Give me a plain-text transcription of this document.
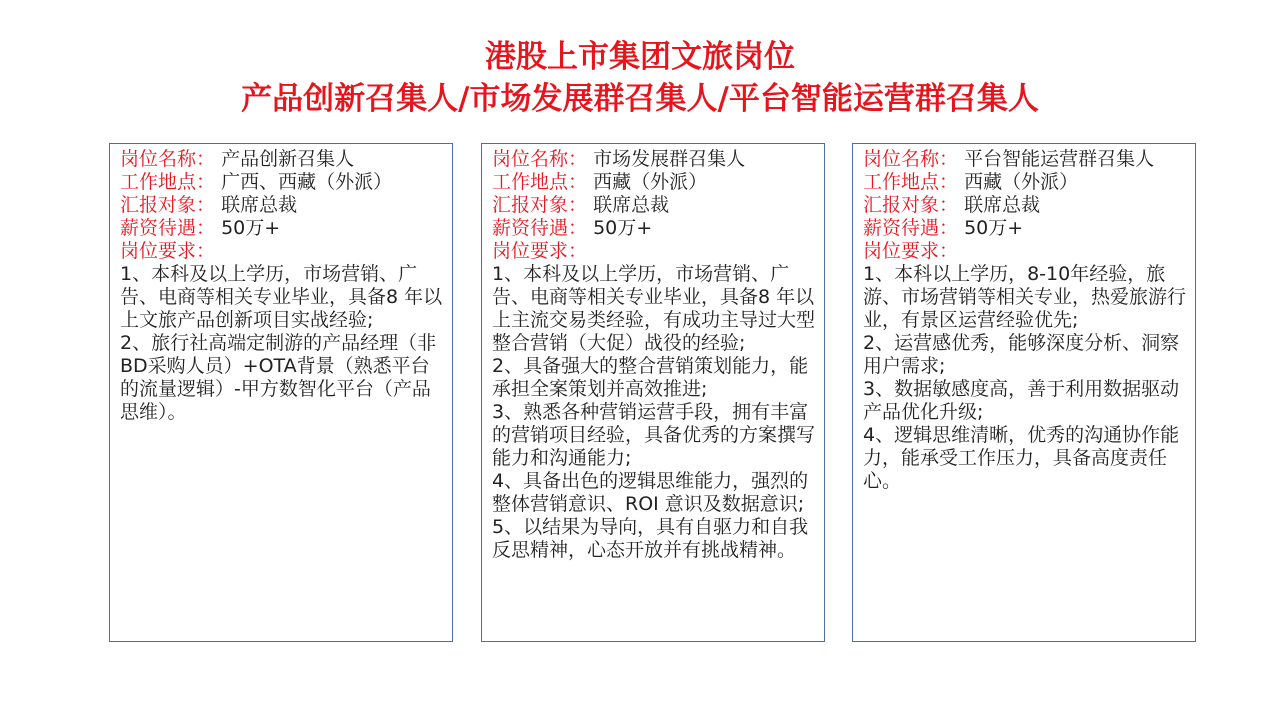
港股上市集团文旅岗位
产品创新召集人/市场发展群召集人/平台智能运营群召集人
岗位名称： 产品创新召集人
工作地点： 广西、西藏（外派）
汇报对象： 联席总裁
薪资待遇： 50万+
岗位要求：
1、本科及以上学历，市场营销、广告、电商等相关专业毕业，具备8 年以上文旅产品创新项目实战经验;
2、旅行社高端定制游的产品经理（非BD采购人员）+OTA背景（熟悉平台的流量逻辑）-甲方数智化平台（产品思维）。
岗位名称： 市场发展群召集人
工作地点： 西藏（外派）
汇报对象： 联席总裁
薪资待遇： 50万+
岗位要求：
1、本科及以上学历，市场营销、广告、电商等相关专业毕业，具备8 年以上主流交易类经验，有成功主导过大型整合营销（大促）战役的经验;
2、具备强大的整合营销策划能力，能承担全案策划并高效推进;
3、熟悉各种营销运营手段，拥有丰富的营销项目经验，具备优秀的方案撰写能力和沟通能力;
4、具备出色的逻辑思维能力，强烈的整体营销意识、ROI 意识及数据意识;
5、以结果为导向，具有自驱力和自我反思精神，心态开放并有挑战精神。
岗位名称： 平台智能运营群召集人
工作地点： 西藏（外派）
汇报对象： 联席总裁
薪资待遇： 50万+
岗位要求：
1、本科以上学历，8-10年经验，旅游、市场营销等相关专业，热爱旅游行业，有景区运营经验优先;
2、运营感优秀，能够深度分析、洞察用户需求;
3、数据敏感度高，善于利用数据驱动产品优化升级;
4、逻辑思维清晰，优秀的沟通协作能力，能承受工作压力，具备高度责任心。
